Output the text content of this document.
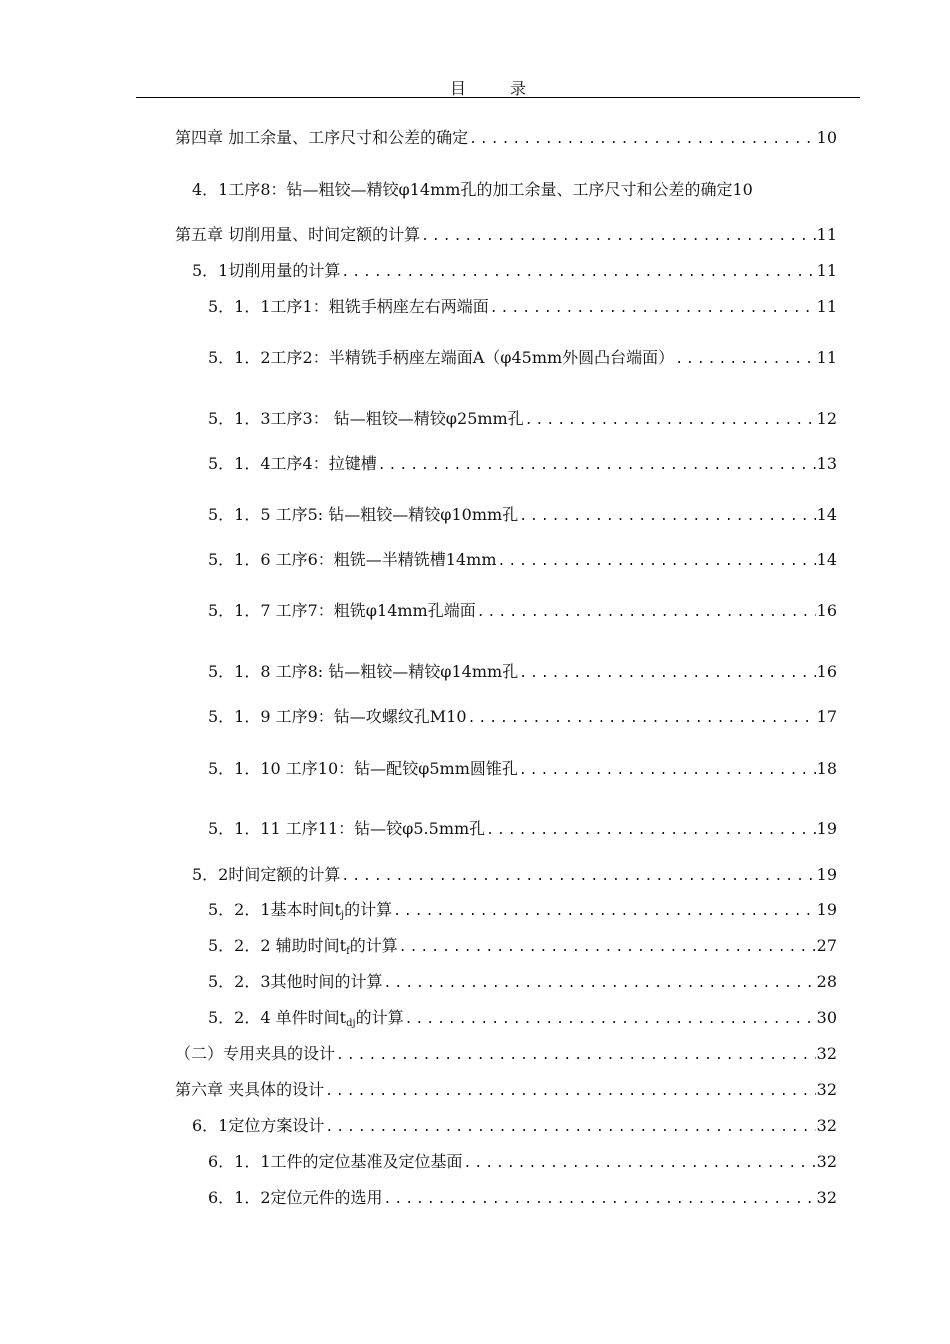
目　录
第四章 加工余量、工序尺寸和公差的确定 .....	10
4．1工序8：钻—粗铰—精铰φ14mm孔的加工余量、工序尺寸和公差的确定 10
第五章 切削用量、时间定额的计算 .....	11
5．1切削用量的计算 .....	11
5．1．1工序1：粗铣手柄座左右两端面 .....	11
5．1．2工序2：半精铣手柄座左端面A（φ45mm外圆凸台端面） .....	11
5．1．3工序3： 钻—粗铰—精铰φ25mm孔 .....	12
5．1．4工序4：拉键槽 .....	13
5．1．5 工序5: 钻—粗铰—精铰φ10mm孔 .....	14
5．1．6 工序6：粗铣—半精铣槽14mm .....	14
5．1．7 工序7：粗铣φ14mm孔端面 .....	16
5．1．8 工序8: 钻—粗铰—精铰φ14mm孔 .....	16
5．1．9 工序9：钻—攻螺纹孔M10 .....	17
5．1．10 工序10：钻—配铰φ5mm圆锥孔 .....	18
5．1．11 工序11：钻—铰φ5.5mm孔 .....	19
5．2时间定额的计算 .....	19
5．2．1基本时间$t_j$的计算 .....	19
5．2．2 辅助时间$t_f$的计算 .....	27
5．2．3其他时间的计算 .....	28
5．2．4 单件时间$t_{dj}$的计算 .....	30
（二）专用夹具的设计 .....	32
第六章 夹具体的设计 .....	32
6．1定位方案设计 .....	32
6．1．1工件的定位基准及定位基面 .....	32
6．1．2定位元件的选用 .....	32
